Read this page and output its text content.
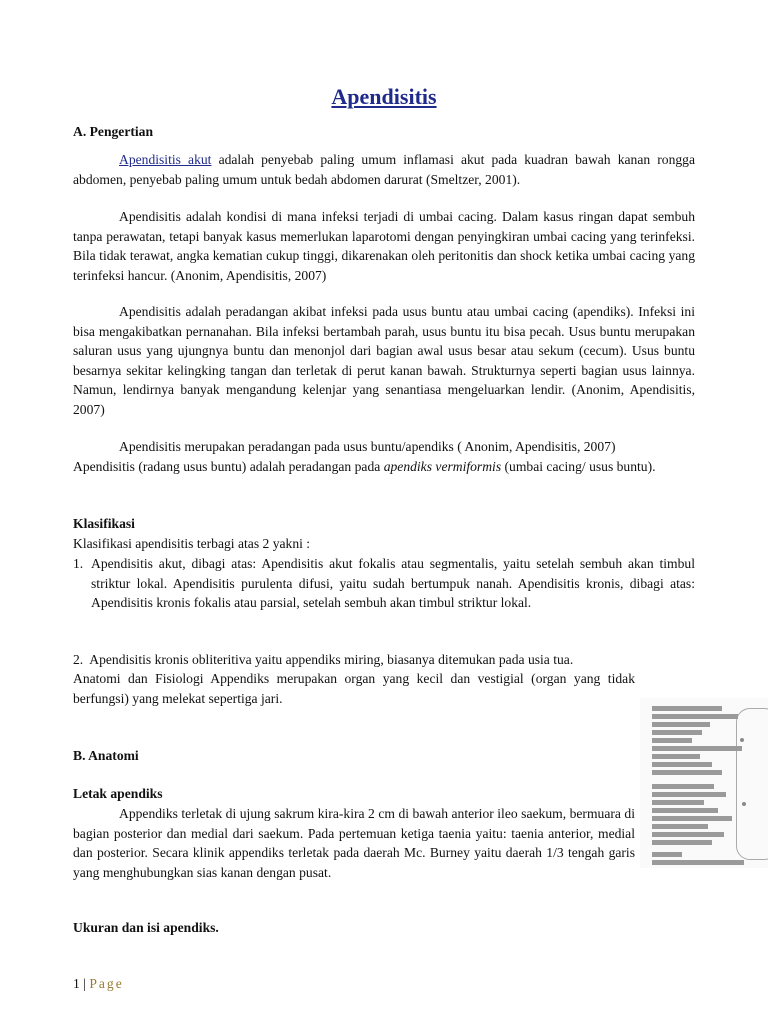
Apendisitis

A. Pengertian

Apendisitis akut adalah penyebab paling umum inflamasi akut pada kuadran bawah kanan rongga abdomen, penyebab paling umum untuk bedah abdomen darurat (Smeltzer, 2001).

Apendisitis adalah kondisi di mana infeksi terjadi di umbai cacing. Dalam kasus ringan dapat sembuh tanpa perawatan, tetapi banyak kasus memerlukan laparotomi dengan penyingkiran umbai cacing yang terinfeksi. Bila tidak terawat, angka kematian cukup tinggi, dikarenakan oleh peritonitis dan shock ketika umbai cacing yang terinfeksi hancur. (Anonim, Apendisitis, 2007)

Apendisitis adalah peradangan akibat infeksi pada usus buntu atau umbai cacing (apendiks). Infeksi ini bisa mengakibatkan pernanahan. Bila infeksi bertambah parah, usus buntu itu bisa pecah. Usus buntu merupakan saluran usus yang ujungnya buntu dan menonjol dari bagian awal usus besar atau sekum (cecum). Usus buntu besarnya sekitar kelingking tangan dan terletak di perut kanan bawah. Strukturnya seperti bagian usus lainnya. Namun, lendirnya banyak mengandung kelenjar yang senantiasa mengeluarkan lendir. (Anonim, Apendisitis, 2007)

Apendisitis merupakan peradangan pada usus buntu/apendiks ( Anonim, Apendisitis, 2007)

Apendisitis (radang usus buntu) adalah peradangan pada apendiks vermiformis (umbai cacing/ usus buntu).

Klasifikasi

Klasifikasi apendisitis terbagi atas 2 yakni :

1. Apendisitis akut, dibagi atas: Apendisitis akut fokalis atau segmentalis, yaitu setelah sembuh akan timbul striktur lokal. Apendisitis purulenta difusi, yaitu sudah bertumpuk nanah. Apendisitis kronis, dibagi atas: Apendisitis kronis fokalis atau parsial, setelah sembuh akan timbul striktur lokal.

2. Apendisitis kronis obliteritiva yaitu appendiks miring, biasanya ditemukan pada usia tua.

Anatomi dan Fisiologi Appendiks merupakan organ yang kecil dan vestigial (organ yang tidak berfungsi) yang melekat sepertiga jari.

B. Anatomi

Letak apendiks

Appendiks terletak di ujung sakrum kira-kira 2 cm di bawah anterior ileo saekum, bermuara di bagian posterior dan medial dari saekum. Pada pertemuan ketiga taenia yaitu: taenia anterior, medial dan posterior. Secara klinik appendiks terletak pada daerah Mc. Burney yaitu daerah 1/3 tengah garis yang menghubungkan sias kanan dengan pusat.

Ukuran dan isi apendiks.

1 | Page
